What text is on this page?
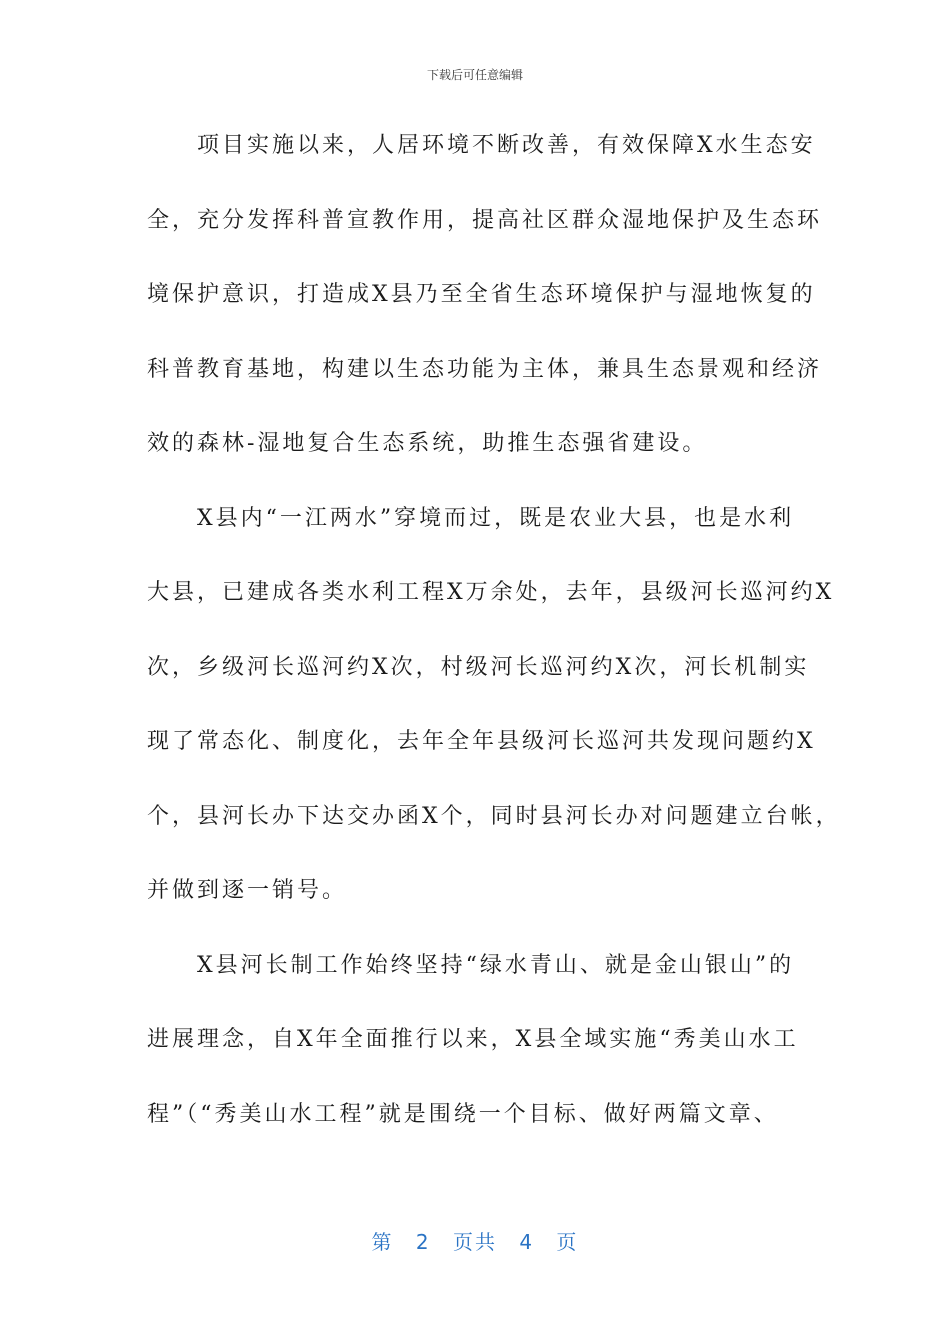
下载后可任意编辑
　　项目实施以来，人居环境不断改善，有效保障X水生态安
全，充分发挥科普宣教作用，提高社区群众湿地保护及生态环
境保护意识，打造成X县乃至全省生态环境保护与湿地恢复的
科普教育基地，构建以生态功能为主体，兼具生态景观和经济
效的森林-湿地复合生态系统，助推生态强省建设。
　　X县内“一江两水”穿境而过，既是农业大县，也是水利
大县，已建成各类水利工程X万余处，去年，县级河长巡河约X
次，乡级河长巡河约X次，村级河长巡河约X次，河长机制实
现了常态化、制度化，去年全年县级河长巡河共发现问题约X
个，县河长办下达交办函X个，同时县河长办对问题建立台帐，
并做到逐一销号。
　　X县河长制工作始终坚持“绿水青山、就是金山银山”的
进展理念，自X年全面推行以来，X县全域实施“秀美山水工
程”（“秀美山水工程”就是围绕一个目标、做好两篇文章、
第 2 页共 4 页
